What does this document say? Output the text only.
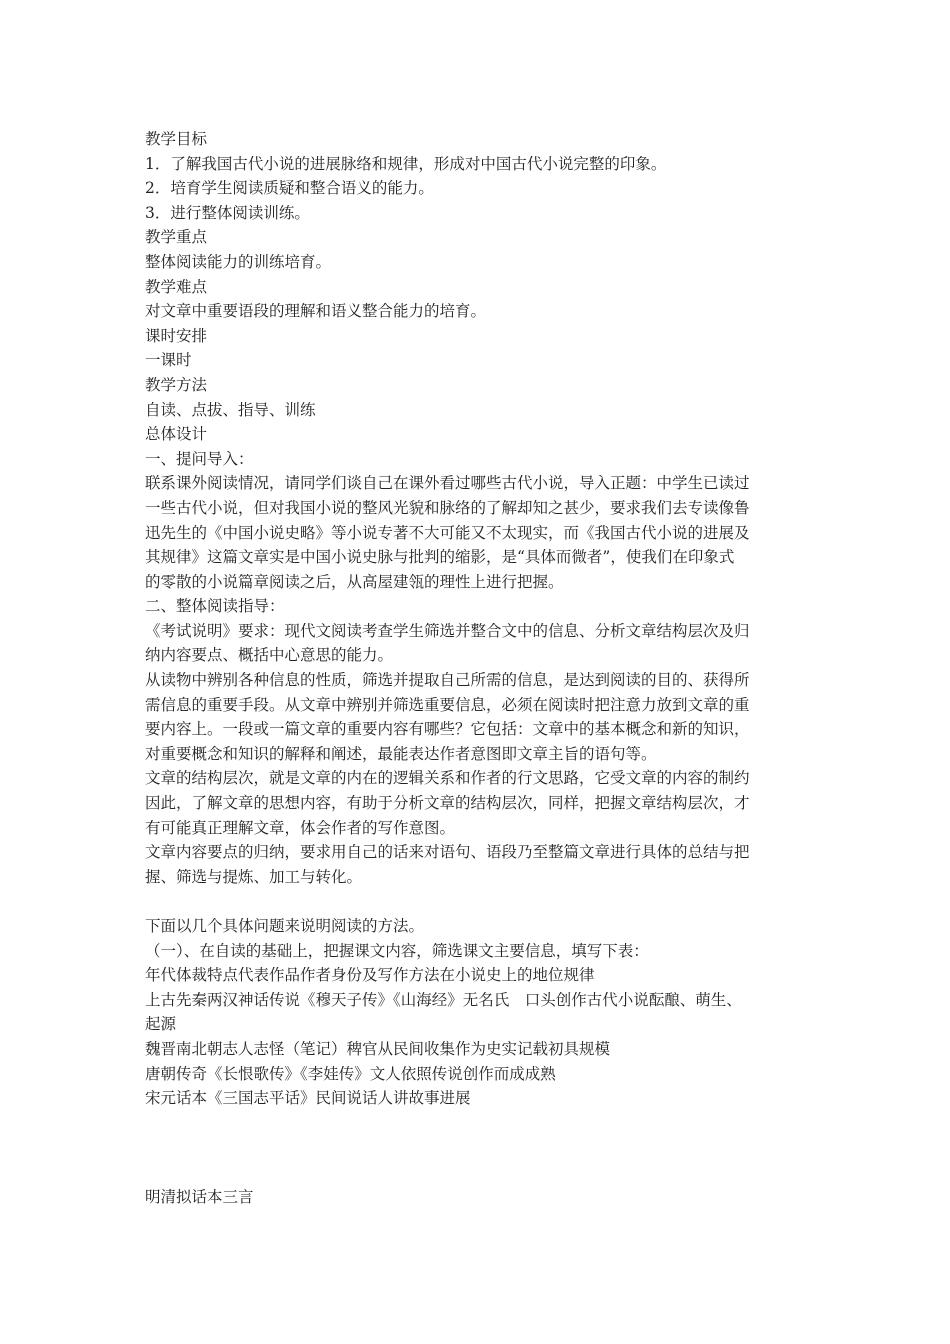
教学目标
1．了解我国古代小说的进展脉络和规律，形成对中国古代小说完整的印象。
2．培育学生阅读质疑和整合语义的能力。
3．进行整体阅读训练。
教学重点
整体阅读能力的训练培育。
教学难点
对文章中重要语段的理解和语义整合能力的培育。
课时安排
一课时
教学方法
自读、点拔、指导、训练
总体设计
一、提问导入：
联系课外阅读情况，请同学们谈自己在课外看过哪些古代小说，导入正题：中学生已读过
一些古代小说，但对我国小说的整风光貌和脉络的了解却知之甚少，要求我们去专读像鲁
迅先生的《中国小说史略》等小说专著不大可能又不太现实，而《我国古代小说的进展及
其规律》这篇文章实是中国小说史脉与批判的缩影，是“具体而微者”，使我们在印象式
的零散的小说篇章阅读之后，从高屋建瓴的理性上进行把握。
二、整体阅读指导：
《考试说明》要求：现代文阅读考查学生筛选并整合文中的信息、分析文章结构层次及归
纳内容要点、概括中心意思的能力。
从读物中辨别各种信息的性质，筛选并提取自己所需的信息，是达到阅读的目的、获得所
需信息的重要手段。从文章中辨别并筛选重要信息，必须在阅读时把注意力放到文章的重
要内容上。一段或一篇文章的重要内容有哪些？它包括：文章中的基本概念和新的知识，
对重要概念和知识的解释和阐述，最能表达作者意图即文章主旨的语句等。
文章的结构层次，就是文章的内在的逻辑关系和作者的行文思路，它受文章的内容的制约
因此，了解文章的思想内容，有助于分析文章的结构层次，同样，把握文章结构层次，才
有可能真正理解文章，体会作者的写作意图。
文章内容要点的归纳，要求用自己的话来对语句、语段乃至整篇文章进行具体的总结与把
握、筛选与提炼、加工与转化。
下面以几个具体问题来说明阅读的方法。
（一）、在自读的基础上，把握课文内容，筛选课文主要信息，填写下表：
年代体裁特点代表作品作者身份及写作方法在小说史上的地位规律
上古先秦两汉神话传说《穆天子传》《山海经》无名氏　口头创作古代小说酝酿、萌生、
起源
魏晋南北朝志人志怪（笔记）稗官从民间收集作为史实记载初具规模
唐朝传奇《长恨歌传》《李娃传》文人依照传说创作而成成熟
宋元话本《三国志平话》民间说话人讲故事进展
明清拟话本三言
